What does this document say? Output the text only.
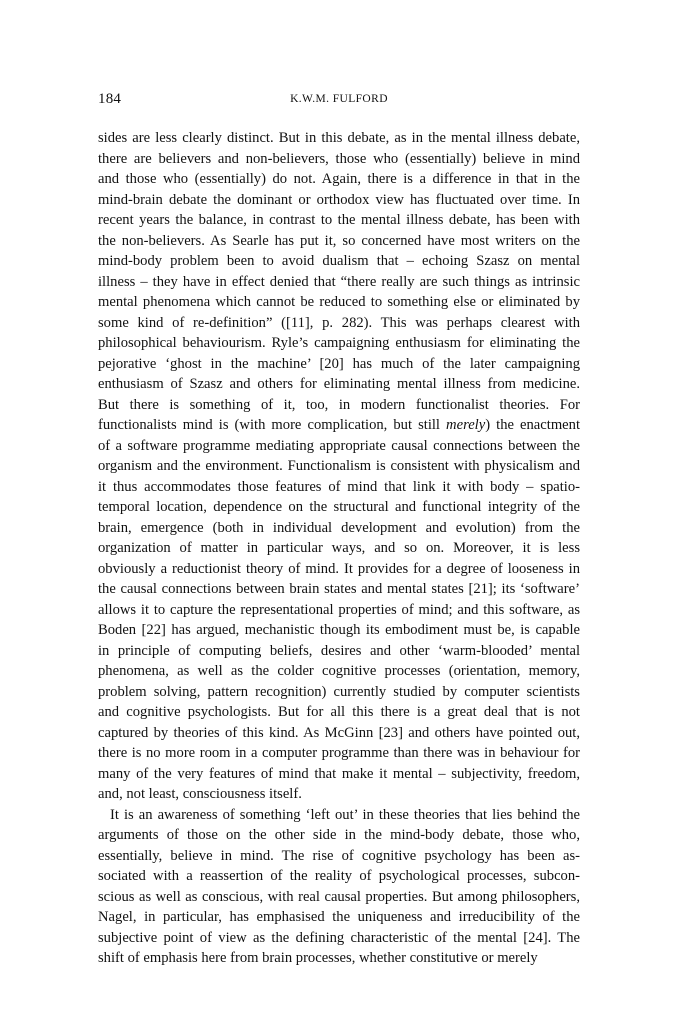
184	K.W.M. FULFORD
sides are less clearly distinct. But in this debate, as in the mental illness debate,
there are believers and non-believers, those who (essentially) believe in mind
and those who (essentially) do not. Again, there is a difference in that in the
mind-brain debate the dominant or orthodox view has fluctuated over time. In
recent years the balance, in contrast to the mental illness debate, has been with
the non-believers. As Searle has put it, so concerned have most writers on the
mind-body problem been to avoid dualism that – echoing Szasz on mental
illness – they have in effect denied that “there really are such things as intrinsic
mental phenomena which cannot be reduced to something else or eliminated by
some kind of re-definition” ([11], p. 282). This was perhaps clearest with
philosophical behaviourism. Ryle’s campaigning enthusiasm for eliminating the
pejorative ‘ghost in the machine’ [20] has much of the later campaigning
enthusiasm of Szasz and others for eliminating mental illness from medicine.
But there is something of it, too, in modern functionalist theories. For
functionalists mind is (with more complication, but still merely) the enactment
of a software programme mediating appropriate causal connections between the
organism and the environment. Functionalism is consistent with physicalism and
it thus accommodates those features of mind that link it with body – spatio-
temporal location, dependence on the structural and functional integrity of the
brain, emergence (both in individual development and evolution) from the
organization of matter in particular ways, and so on. Moreover, it is less
obviously a reductionist theory of mind. It provides for a degree of looseness in
the causal connections between brain states and mental states [21]; its ‘software’
allows it to capture the representational properties of mind; and this software, as
Boden [22] has argued, mechanistic though its embodiment must be, is capable
in principle of computing beliefs, desires and other ‘warm-blooded’ mental
phenomena, as well as the colder cognitive processes (orientation, memory,
problem solving, pattern recognition) currently studied by computer scientists
and cognitive psychologists. But for all this there is a great deal that is not
captured by theories of this kind. As McGinn [23] and others have pointed out,
there is no more room in a computer programme than there was in behaviour for
many of the very features of mind that make it mental – subjectivity, freedom,
and, not least, consciousness itself.
It is an awareness of something ‘left out’ in these theories that lies behind the
arguments of those on the other side in the mind-body debate, those who,
essentially, believe in mind. The rise of cognitive psychology has been as-
sociated with a reassertion of the reality of psychological processes, subcon-
scious as well as conscious, with real causal properties. But among philosophers,
Nagel, in particular, has emphasised the uniqueness and irreducibility of the
subjective point of view as the defining characteristic of the mental [24]. The
shift of emphasis here from brain processes, whether constitutive or merely
